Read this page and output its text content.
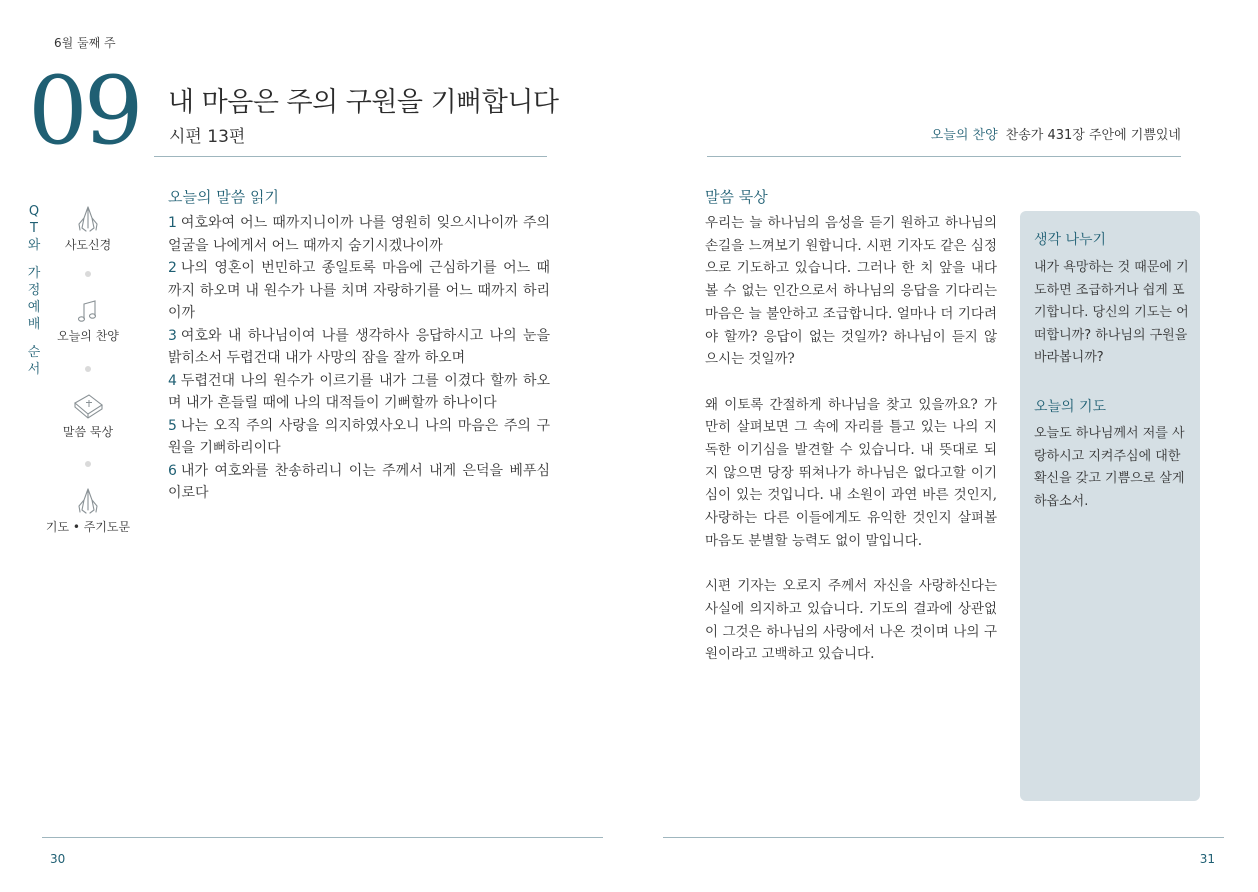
6월 둘째 주
09 내 마음은 주의 구원을 기뻐합니다
시편 13편	오늘의 찬양 찬송가 431장 주안에 기쁨있네
Q
T
와
가
정
예
배
순
서
사도신경
오늘의 찬양
말씀 묵상
기도 • 주기도문
오늘의 말씀 읽기

1 여호와여 어느 때까지니이까 나를 영원히 잊으시나이까 주의 얼굴을 나에게서 어느 때까지 숨기시겠나이까

2 나의 영혼이 번민하고 종일토록 마음에 근심하기를 어느 때까지 하오며 내 원수가 나를 치며 자랑하기를 어느 때까지 하리이까

3 여호와 내 하나님이여 나를 생각하사 응답하시고 나의 눈을 밝히소서 두렵건대 내가 사망의 잠을 잘까 하오며

4 두렵건대 나의 원수가 이르기를 내가 그를 이겼다 할까 하오며 내가 흔들릴 때에 나의 대적들이 기뻐할까 하나이다

5 나는 오직 주의 사랑을 의지하였사오니 나의 마음은 주의 구원을 기뻐하리이다

6 내가 여호와를 찬송하리니 이는 주께서 내게 은덕을 베푸심이로다

말씀 묵상

우리는 늘 하나님의 음성을 듣기 원하고 하나님의 손길을 느껴보기 원합니다. 시편 기자도 같은 심정으로 기도하고 있습니다. 그러나 한 치 앞을 내다 볼 수 없는 인간으로서 하나님의 응답을 기다리는 마음은 늘 불안하고 조급합니다. 얼마나 더 기다려야 할까? 응답이 없는 것일까? 하나님이 듣지 않으시는 것일까?

왜 이토록 간절하게 하나님을 찾고 있을까요? 가만히 살펴보면 그 속에 자리를 틀고 있는 나의 지독한 이기심을 발견할 수 있습니다. 내 뜻대로 되지 않으면 당장 뛰쳐나가 하나님은 없다고할 이기심이 있는 것입니다. 내 소원이 과연 바른 것인지, 사랑하는 다른 이들에게도 유익한 것인지 살펴볼 마음도 분별할 능력도 없이 말입니다.

시편 기자는 오로지 주께서 자신을 사랑하신다는 사실에 의지하고 있습니다. 기도의 결과에 상관없이 그것은 하나님의 사랑에서 나온 것이며 나의 구원이라고 고백하고 있습니다.

생각 나누기
내가 욕망하는 것 때문에 기도하면 조급하거나 쉽게 포기합니다. 당신의 기도는 어떠합니까? 하나님의 구원을 바라봅니까?
오늘의 기도
오늘도 하나님께서 저를 사랑하시고 지켜주심에 대한 확신을 갖고 기쁨으로 살게 하옵소서.
30	31
